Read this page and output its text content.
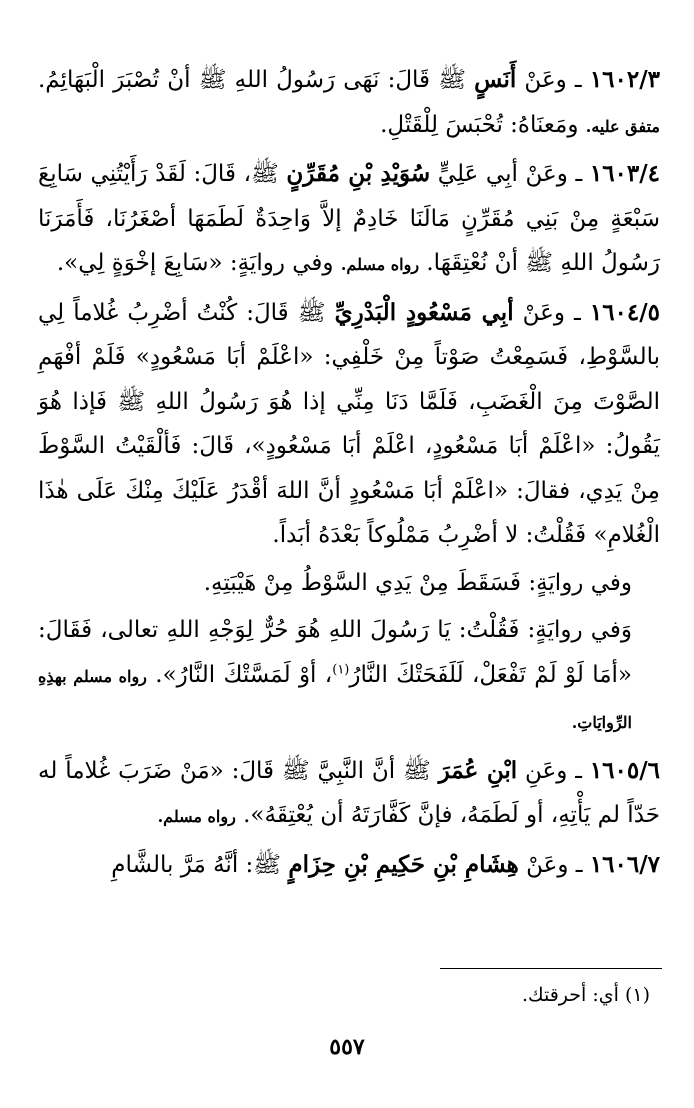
١٦٠٢/٣ ـ وعَنْ أَنَسٍ ﷺ قَالَ: نَهَى رَسُولُ اللهِ ﷺ أنْ تُصْبَرَ الْبَهَائِمُ. متفق عليه. ومَعنَاهُ: تُحْبَسَ لِلْقَتْلِ.
١٦٠٣/٤ ـ وعَنْ أبِي عَلِيٍّ سُوَيْدِ بْنِ مُقَرِّنٍ ﷺ، قَالَ: لَقَدْ رَأَيْتُنِي سَابِعَ سَبْعَةٍ مِنْ بَنِي مُقَرِّنٍ مَالَنَا خَادِمٌ إلاَّ وَاحِدَةٌ لَطَمَهَا أصْغَرُنَا، فَأَمَرَنَا رَسُولُ اللهِ ﷺ أنْ نُعْتِقَهَا. رواه مسلم. وفي روايَةٍ: «سَابِعَ إخْوَةٍ لِي».
١٦٠٤/٥ ـ وعَنْ أبِي مَسْعُودٍ الْبَدْرِيِّ ﷺ قَالَ: كُنْتُ أضْرِبُ غُلاماً لِي بالسَّوْطِ، فَسَمِعْتُ صَوْتاً مِنْ خَلْفِي: «اعْلَمْ أبَا مَسْعُودٍ» فَلَمْ أفْهَمِ الصَّوْتَ مِنَ الْغَضَبِ، فَلَمَّا دَنَا مِنِّي إذا هُوَ رَسُولُ اللهِ ﷺ فَإذا هُوَ يَقُولُ: «اعْلَمْ أبَا مَسْعُودٍ، اعْلَمْ أبَا مَسْعُودٍ»، قَالَ: فَألْقَيْتُ السَّوْطَ مِنْ يَدِي، فقالَ: «اعْلَمْ أبَا مَسْعُودٍ أنَّ اللهَ أقْدَرُ عَلَيْكَ مِنْكَ عَلَى هٰذَا الْغُلامِ» فَقُلْتُ: لا أضْرِبُ مَمْلُوكاً بَعْدَهُ أبَداً.
وفي روايَةٍ: فَسَقَطَ مِنْ يَدِي السَّوْطُ مِنْ هَيْبَتِهِ.
وَفي روايَةٍ: فَقُلْتُ: يَا رَسُولَ اللهِ هُوَ حُرٌّ لِوَجْهِ اللهِ تعالى، فَقَالَ: «أمَا لَوْ لَمْ تَفْعَلْ، لَلَفَحَتْكَ النَّارُ$^{(١)}$، أوْ لَمَسَّتْكَ النَّارُ». رواه مسلم بهذِهِ الرِّوايَاتِ.
١٦٠٥/٦ ـ وعَنِ ابْنِ عُمَرَ ﷺ أنَّ النَّبِيَّ ﷺ قَالَ: «مَنْ ضَرَبَ غُلاماً له حَدّاً لم يَأْتِهِ، أو لَطَمَهُ، فإنَّ كَفَّارَتَهُ أن يُعْتِقَهُ». رواه مسلم.
١٦٠٦/٧ ـ وعَنْ هِشَامِ بْنِ حَكِيمِ بْنِ حِزَامٍ ﷺ: أنَّهُ مَرَّ بالشَّامِ
(١) أي: أحرقتك.
٥٥٧
